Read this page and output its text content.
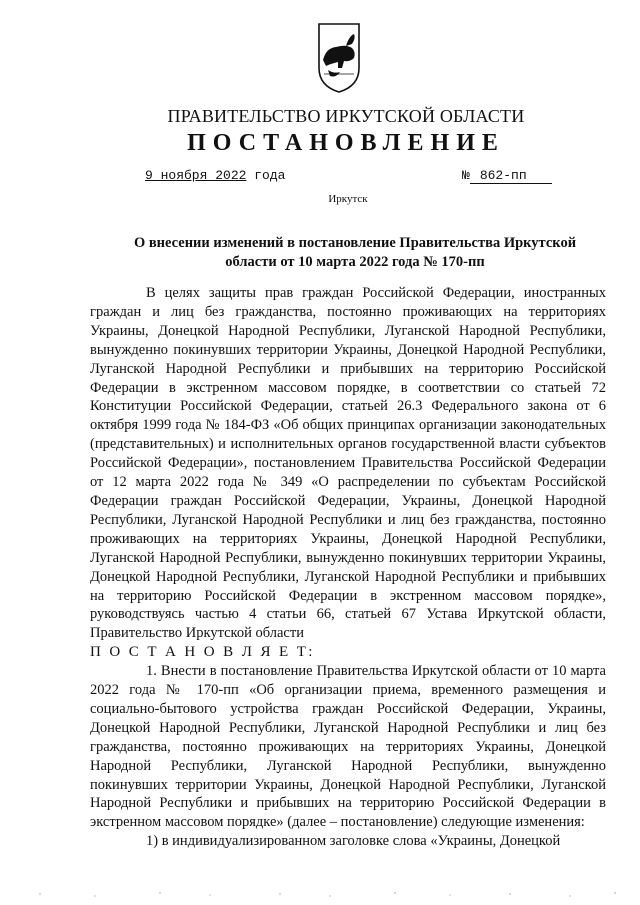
ПРАВИТЕЛЬСТВО ИРКУТСКОЙ ОБЛАСТИ
ПОСТАНОВЛЕНИЕ
9 ноября 2022 года	№ 862-пп
Иркутск
О внесении изменений в постановление Правительства Иркутской области от 10 марта 2022 года № 170-пп

В целях защиты прав граждан Российской Федерации, иностранных граждан и лиц без гражданства, постоянно проживающих на территориях Украины, Донецкой Народной Республики, Луганской Народной Республики, вынужденно покинувших территории Украины, Донецкой Народной Республики, Луганской Народной Республики и прибывших на территорию Российской Федерации в экстренном массовом порядке, в соответствии со статьей 72 Конституции Российской Федерации, статьей 26.3 Федерального закона от 6 октября 1999 года № 184-ФЗ «Об общих принципах организации законодательных (представительных) и исполнительных органов государственной власти субъектов Российской Федерации», постановлением Правительства Российской Федерации от 12 марта 2022 года № 349 «О распределении по субъектам Российской Федерации граждан Российской Федерации, Украины, Донецкой Народной Республики, Луганской Народной Республики и лиц без гражданства, постоянно проживающих на территориях Украины, Донецкой Народной Республики, Луганской Народной Республики, вынужденно покинувших территории Украины, Донецкой Народной Республики, Луганской Народной Республики и прибывших на территорию Российской Федерации в экстренном массовом порядке», руководствуясь частью 4 статьи 66, статьей 67 Устава Иркутской области, Правительство Иркутской области

П О С Т А Н О В Л Я Е Т:

1. Внести в постановление Правительства Иркутской области от 10 марта 2022 года № 170-пп «Об организации приема, временного размещения и социально-бытового устройства граждан Российской Федерации, Украины, Донецкой Народной Республики, Луганской Народной Республики и лиц без гражданства, постоянно проживающих на территориях Украины, Донецкой Народной Республики, Луганской Народной Республики, вынужденно покинувших территории Украины, Донецкой Народной Республики, Луганской Народной Республики и прибывших на территорию Российской Федерации в экстренном массовом порядке» (далее – постановление) следующие изменения:

1) в индивидуализированном заголовке слова «Украины, Донецкой
